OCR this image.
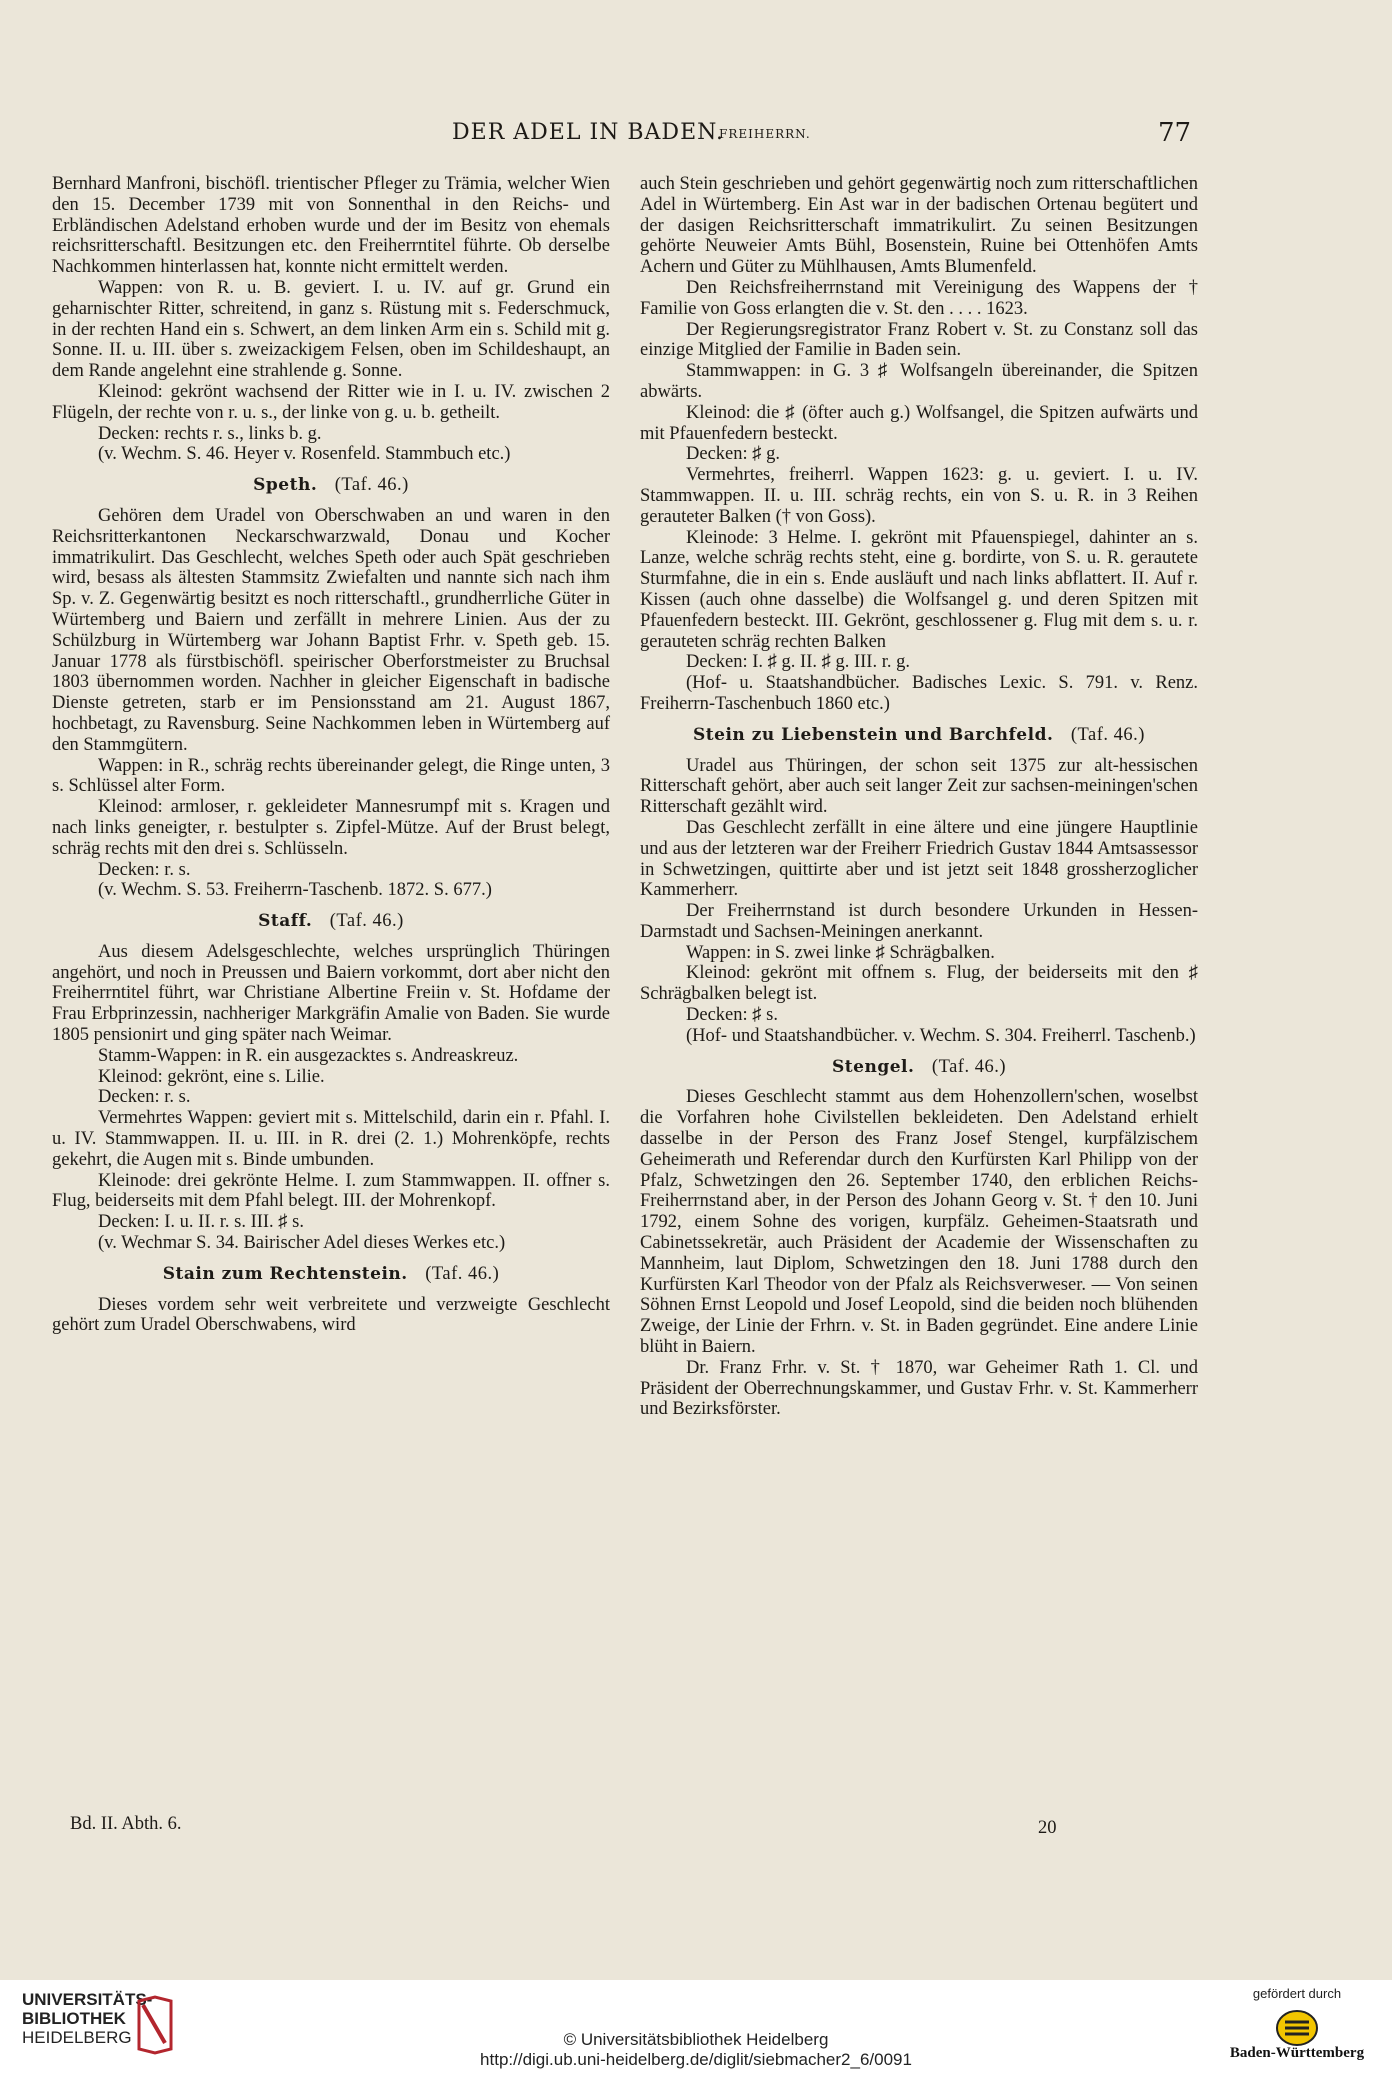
DER ADEL IN BADEN.
FREIHERRN.	77

Bernhard Manfroni, bischöfl. trientischer Pfleger zu Trämia, welcher Wien den 15. December 1739 mit von Sonnenthal in den Reichs- und Erbländischen Adelstand erhoben wurde und der im Besitz von ehemals reichsritterschaftl. Besitzungen etc. den Freiherrntitel führte. Ob derselbe Nachkommen hinterlassen hat, konnte nicht ermittelt werden.

Wappen: von R. u. B. geviert. I. u. IV. auf gr. Grund ein geharnischter Ritter, schreitend, in ganz s. Rüstung mit s. Federschmuck, in der rechten Hand ein s. Schwert, an dem linken Arm ein s. Schild mit g. Sonne. II. u. III. über s. zweizackigem Felsen, oben im Schildeshaupt, an dem Rande angelehnt eine strahlende g. Sonne.

Kleinod: gekrönt wachsend der Ritter wie in I. u. IV. zwischen 2 Flügeln, der rechte von r. u. s., der linke von g. u. b. getheilt.

Decken: rechts r. s., links b. g.

(v. Wechm. S. 46. Heyer v. Rosenfeld. Stammbuch etc.)

Speth.  (Taf. 46.)

Gehören dem Uradel von Oberschwaben an und waren in den Reichsritterkantonen Neckarschwarzwald, Donau und Kocher immatrikulirt. Das Geschlecht, welches Speth oder auch Spät geschrieben wird, besass als ältesten Stammsitz Zwiefalten und nannte sich nach ihm Sp. v. Z. Gegenwärtig besitzt es noch ritterschaftl., grundherrliche Güter in Würtemberg und Baiern und zerfällt in mehrere Linien. Aus der zu Schülzburg in Würtemberg war Johann Baptist Frhr. v. Speth geb. 15. Januar 1778 als fürstbischöfl. speirischer Oberforstmeister zu Bruchsal 1803 übernommen worden. Nachher in gleicher Eigenschaft in badische Dienste getreten, starb er im Pensionsstand am 21. August 1867, hochbetagt, zu Ravensburg. Seine Nachkommen leben in Würtemberg auf den Stammgütern.

Wappen: in R., schräg rechts übereinander gelegt, die Ringe unten, 3 s. Schlüssel alter Form.

Kleinod: armloser, r. gekleideter Mannesrumpf mit s. Kragen und nach links geneigter, r. bestulpter s. Zipfel-Mütze. Auf der Brust belegt, schräg rechts mit den drei s. Schlüsseln.

Decken: r. s.

(v. Wechm. S. 53. Freiherrn-Taschenb. 1872. S. 677.)

Staff.  (Taf. 46.)

Aus diesem Adelsgeschlechte, welches ursprünglich Thüringen angehört, und noch in Preussen und Baiern vorkommt, dort aber nicht den Freiherrntitel führt, war Christiane Albertine Freiin v. St. Hofdame der Frau Erbprinzessin, nachheriger Markgräfin Amalie von Baden. Sie wurde 1805 pensionirt und ging später nach Weimar.

Stamm-Wappen: in R. ein ausgezacktes s. Andreaskreuz.

Kleinod: gekrönt, eine s. Lilie.

Decken: r. s.

Vermehrtes Wappen: geviert mit s. Mittelschild, darin ein r. Pfahl. I. u. IV. Stammwappen. II. u. III. in R. drei (2. 1.) Mohrenköpfe, rechts gekehrt, die Augen mit s. Binde umbunden.

Kleinode: drei gekrönte Helme. I. zum Stammwappen. II. offner s. Flug, beiderseits mit dem Pfahl belegt. III. der Mohrenkopf.

Decken: I. u. II. r. s. III. ♯ s.

(v. Wechmar S. 34. Bairischer Adel dieses Werkes etc.)

Stain zum Rechtenstein.  (Taf. 46.)

Dieses vordem sehr weit verbreitete und verzweigte Geschlecht gehört zum Uradel Oberschwabens, wird

auch Stein geschrieben und gehört gegenwärtig noch zum ritterschaftlichen Adel in Würtemberg. Ein Ast war in der badischen Ortenau begütert und der dasigen Reichsritterschaft immatrikulirt. Zu seinen Besitzungen gehörte Neuweier Amts Bühl, Bosenstein, Ruine bei Ottenhöfen Amts Achern und Güter zu Mühlhausen, Amts Blumenfeld.

Den Reichsfreiherrnstand mit Vereinigung des Wappens der † Familie von Goss erlangten die v. St. den . . . . 1623.

Der Regierungsregistrator Franz Robert v. St. zu Constanz soll das einzige Mitglied der Familie in Baden sein.

Stammwappen: in G. 3 ♯ Wolfsangeln übereinander, die Spitzen abwärts.

Kleinod: die ♯ (öfter auch g.) Wolfsangel, die Spitzen aufwärts und mit Pfauenfedern besteckt.

Decken: ♯ g.

Vermehrtes, freiherrl. Wappen 1623: g. u. geviert. I. u. IV. Stammwappen. II. u. III. schräg rechts, ein von S. u. R. in 3 Reihen gerauteter Balken († von Goss).

Kleinode: 3 Helme. I. gekrönt mit Pfauenspiegel, dahinter an s. Lanze, welche schräg rechts steht, eine g. bordirte, von S. u. R. gerautete Sturmfahne, die in ein s. Ende ausläuft und nach links abflattert. II. Auf r. Kissen (auch ohne dasselbe) die Wolfsangel g. und deren Spitzen mit Pfauenfedern besteckt. III. Gekrönt, geschlossener g. Flug mit dem s. u. r. gerauteten schräg rechten Balken

Decken: I. ♯ g. II. ♯ g. III. r. g.

(Hof- u. Staatshandbücher. Badisches Lexic. S. 791. v. Renz. Freiherrn-Taschenbuch 1860 etc.)

Stein zu Liebenstein und Barchfeld.  (Taf. 46.)

Uradel aus Thüringen, der schon seit 1375 zur alt-hessischen Ritterschaft gehört, aber auch seit langer Zeit zur sachsen-meiningen'schen Ritterschaft gezählt wird.

Das Geschlecht zerfällt in eine ältere und eine jüngere Hauptlinie und aus der letzteren war der Freiherr Friedrich Gustav 1844 Amtsassessor in Schwetzingen, quittirte aber und ist jetzt seit 1848 grossherzoglicher Kammerherr.

Der Freiherrnstand ist durch besondere Urkunden in Hessen-Darmstadt und Sachsen-Meiningen anerkannt.

Wappen: in S. zwei linke ♯ Schrägbalken.

Kleinod: gekrönt mit offnem s. Flug, der beiderseits mit den ♯ Schrägbalken belegt ist.

Decken: ♯ s.

(Hof- und Staatshandbücher. v. Wechm. S. 304. Freiherrl. Taschenb.)

Stengel.  (Taf. 46.)

Dieses Geschlecht stammt aus dem Hohenzollern'schen, woselbst die Vorfahren hohe Civilstellen bekleideten. Den Adelstand erhielt dasselbe in der Person des Franz Josef Stengel, kurpfälzischem Geheimerath und Referendar durch den Kurfürsten Karl Philipp von der Pfalz, Schwetzingen den 26. September 1740, den erblichen Reichs-Freiherrnstand aber, in der Person des Johann Georg v. St. † den 10. Juni 1792, einem Sohne des vorigen, kurpfälz. Geheimen-Staatsrath und Cabinetssekretär, auch Präsident der Academie der Wissenschaften zu Mannheim, laut Diplom, Schwetzingen den 18. Juni 1788 durch den Kurfürsten Karl Theodor von der Pfalz als Reichsverweser. — Von seinen Söhnen Ernst Leopold und Josef Leopold, sind die beiden noch blühenden Zweige, der Linie der Frhrn. v. St. in Baden gegründet. Eine andere Linie blüht in Baiern.

Dr. Franz Frhr. v. St. † 1870, war Geheimer Rath 1. Cl. und Präsident der Oberrechnungskammer, und Gustav Frhr. v. St. Kammerherr und Bezirksförster.

Bd. II. Abth. 6.	20
UNIVERSITÄTS-
BIBLIOTHEK
HEIDELBERG	© Universitätsbibliothek Heidelberg
http://digi.ub.uni-heidelberg.de/diglit/siebmacher2_6/0091
gefördert durch
Baden-Württemberg
